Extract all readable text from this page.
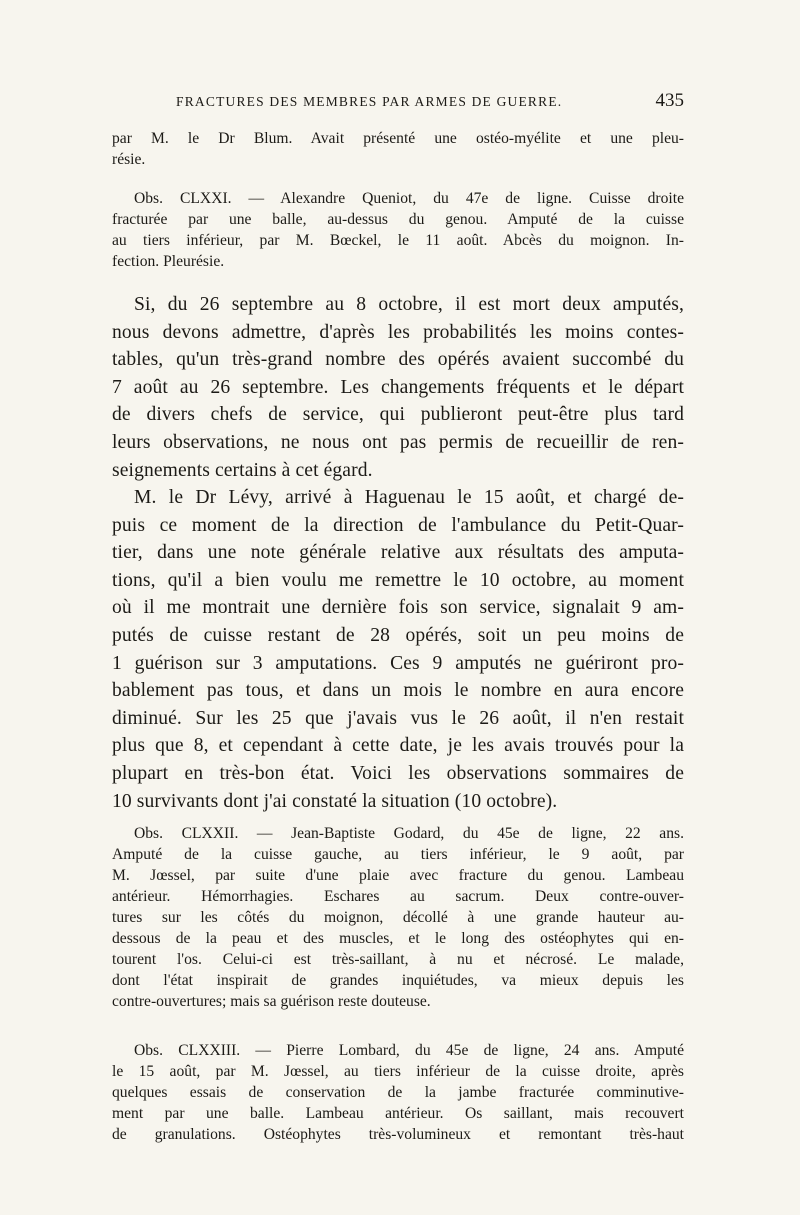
FRACTURES DES MEMBRES PAR ARMES DE GUERRE.	435
par M. le Dr Blum. Avait présenté une ostéo-myélite et une pleu-
résie.
Obs. CLXXI. — Alexandre Queniot, du 47e de ligne. Cuisse droite
fracturée par une balle, au-dessus du genou. Amputé de la cuisse
au tiers inférieur, par M. Bœckel, le 11 août. Abcès du moignon. In-
fection. Pleurésie.
Si, du 26 septembre au 8 octobre, il est mort deux amputés,
nous devons admettre, d'après les probabilités les moins contes-
tables, qu'un très-grand nombre des opérés avaient succombé du
7 août au 26 septembre. Les changements fréquents et le départ
de divers chefs de service, qui publieront peut-être plus tard
leurs observations, ne nous ont pas permis de recueillir de ren-
seignements certains à cet égard.
M. le Dr Lévy, arrivé à Haguenau le 15 août, et chargé de-
puis ce moment de la direction de l'ambulance du Petit-Quar-
tier, dans une note générale relative aux résultats des amputa-
tions, qu'il a bien voulu me remettre le 10 octobre, au moment
où il me montrait une dernière fois son service, signalait 9 am-
putés de cuisse restant de 28 opérés, soit un peu moins de
1 guérison sur 3 amputations. Ces 9 amputés ne guériront pro-
bablement pas tous, et dans un mois le nombre en aura encore
diminué. Sur les 25 que j'avais vus le 26 août, il n'en restait
plus que 8, et cependant à cette date, je les avais trouvés pour la
plupart en très-bon état. Voici les observations sommaires de
10 survivants dont j'ai constaté la situation (10 octobre).
Obs. CLXXII. — Jean-Baptiste Godard, du 45e de ligne, 22 ans.
Amputé de la cuisse gauche, au tiers inférieur, le 9 août, par
M. Jœssel, par suite d'une plaie avec fracture du genou. Lambeau
antérieur. Hémorrhagies. Eschares au sacrum. Deux contre-ouver-
tures sur les côtés du moignon, décollé à une grande hauteur au-
dessous de la peau et des muscles, et le long des ostéophytes qui en-
tourent l'os. Celui-ci est très-saillant, à nu et nécrosé. Le malade,
dont l'état inspirait de grandes inquiétudes, va mieux depuis les
contre-ouvertures; mais sa guérison reste douteuse.
Obs. CLXXIII. — Pierre Lombard, du 45e de ligne, 24 ans. Amputé
le 15 août, par M. Jœssel, au tiers inférieur de la cuisse droite, après
quelques essais de conservation de la jambe fracturée comminutive-
ment par une balle. Lambeau antérieur. Os saillant, mais recouvert
de granulations. Ostéophytes très-volumineux et remontant très-haut
